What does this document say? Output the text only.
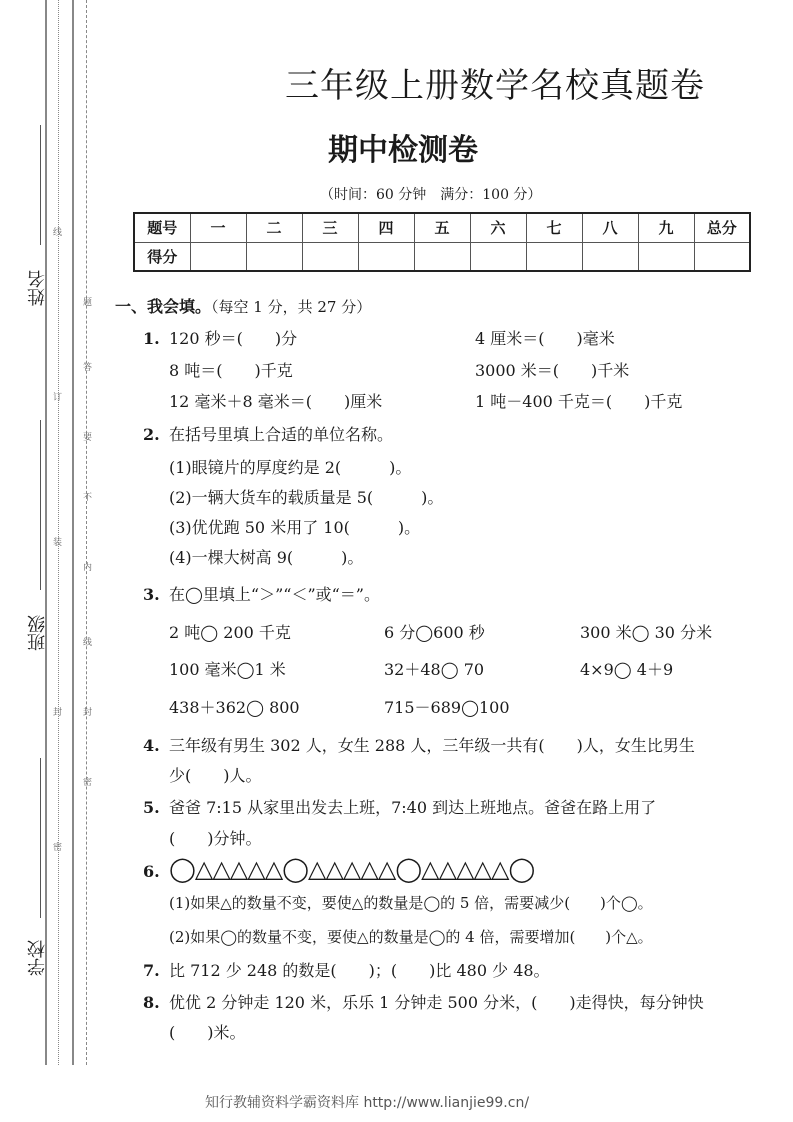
姓名
班级
学校
线
订
装
封
密
题
答
要
不
内
线
封
密
三年级上册数学名校真题卷
期中检测卷
（时间：60 分钟　满分：100 分）
题号	一	二	三	四	五	六	七	八	九	总分
得分										
一、我会填。（每空 1 分，共 27 分）
1. 120 秒＝(　　)分	4 厘米＝(　　)毫米
8 吨＝(　　)千克	3000 米＝(　　)千米
12 毫米＋8 毫米＝(　　)厘米	1 吨－400 千克＝(　　)千克
2. 在括号里填上合适的单位名称。
(1)眼镜片的厚度约是 2(　　　)。
(2)一辆大货车的载质量是 5(　　　)。
(3)优优跑 50 米用了 10(　　　)。
(4)一棵大树高 9(　　　)。
3. 在◯里填上“＞”“＜”或“＝”。
2 吨◯ 200 千克	6 分◯600 秒	300 米◯ 30 分米
100 毫米◯1 米	32＋48◯ 70	4×9◯ 4＋9
438＋362◯ 800	715－689◯100
4. 三年级有男生 302 人，女生 288 人，三年级一共有(　　)人，女生比男生
少(　　)人。
5. 爸爸 7:15 从家里出发去上班，7:40 到达上班地点。爸爸在路上用了
(　　)分钟。
6. ◯△△△△△◯△△△△△◯△△△△△◯
(1)如果△的数量不变，要使△的数量是◯的 5 倍，需要减少(　　)个◯。
(2)如果◯的数量不变，要使△的数量是◯的 4 倍，需要增加(　　)个△。
7. 比 712 少 248 的数是(　　)；(　　)比 480 少 48。
8. 优优 2 分钟走 120 米，乐乐 1 分钟走 500 分米，(　　)走得快，每分钟快
(　　)米。
知行教辅资料学霸资料库 http://www.lianjie99.cn/
